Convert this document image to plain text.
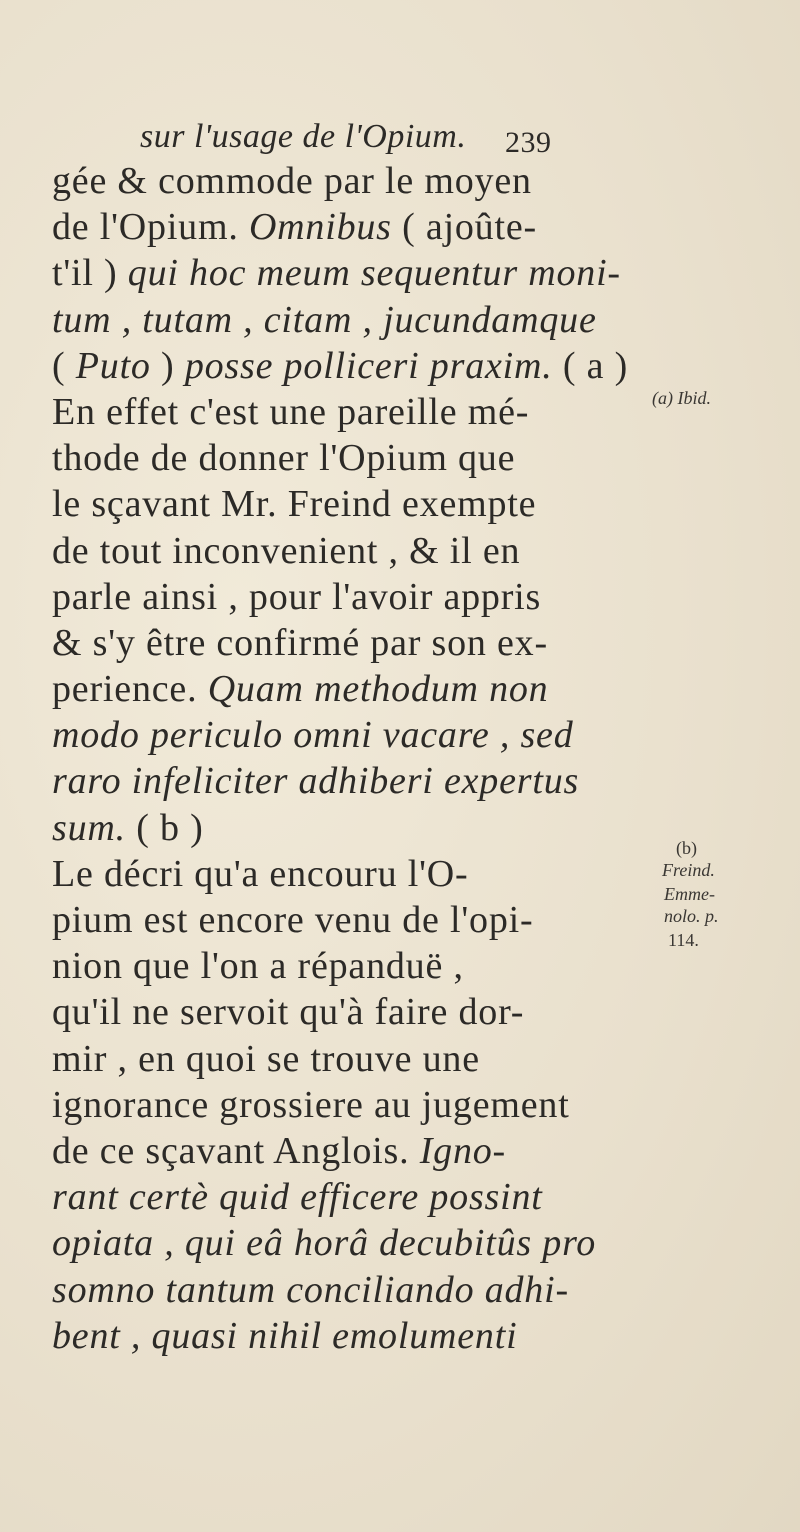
sur l'usage de l'Opium. 239
gée & commode par le moyen
de l'Opium. Omnibus ( ajoûte-
t'il ) qui hoc meum sequentur moni-
tum , tutam , citam , jucundamque
( Puto ) posse polliceri praxim. ( a )
En effet c'est une pareille mé-
thode de donner l'Opium que
le sçavant Mr. Freind exempte
de tout inconvenient , & il en
parle ainsi , pour l'avoir appris
& s'y être confirmé par son ex-
perience. Quam methodum non
modo periculo omni vacare , sed
raro infeliciter adhiberi expertus
sum. ( b )
Le décri qu'a encouru l'O-
pium est encore venu de l'opi-
nion que l'on a répanduë ,
qu'il ne servoit qu'à faire dor-
mir , en quoi se trouve une
ignorance grossiere au jugement
de ce sçavant Anglois. Igno-
rant certè quid efficere possint
opiata , qui eâ horâ decubitûs pro
somno tantum conciliando adhi-
bent , quasi nihil emolumenti
(a) Ibid.
(b)
Freind.
Emme-
nolo. p.
114.
